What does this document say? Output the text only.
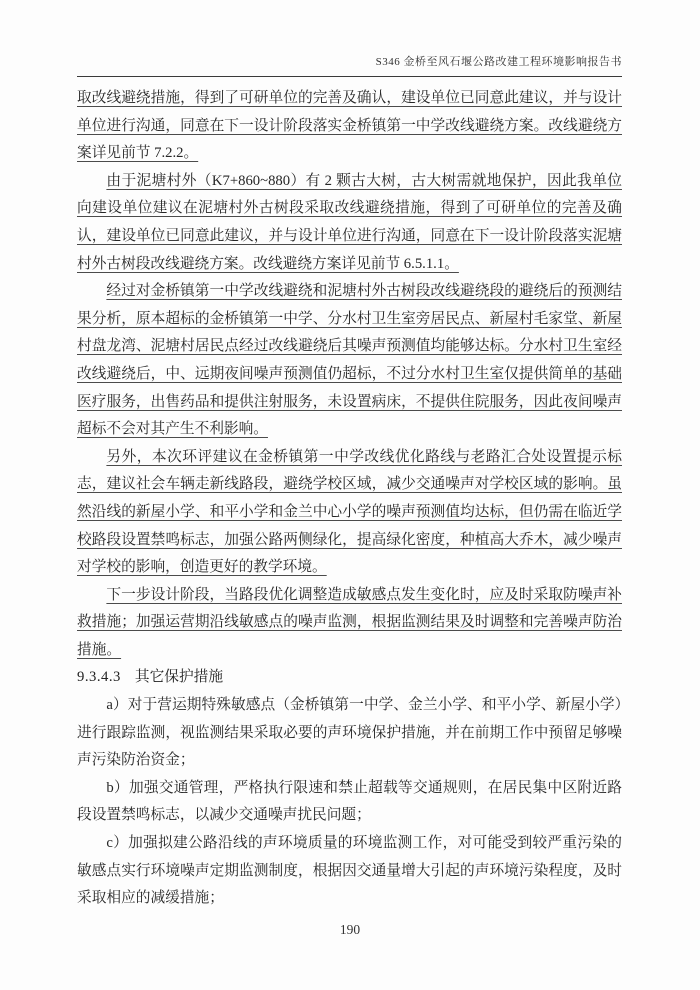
S346 金桥至风石堰公路改建工程环境影响报告书

取改线避绕措施，得到了可研单位的完善及确认，建设单位已同意此建议，并与设计单位进行沟通，同意在下一设计阶段落实金桥镇第一中学改线避绕方案。改线避绕方案详见前节 7.2.2。

由于泥塘村外（K7+860~880）有 2 颗古大树，古大树需就地保护，因此我单位向建设单位建议在泥塘村外古树段采取改线避绕措施，得到了可研单位的完善及确认，建设单位已同意此建议，并与设计单位进行沟通，同意在下一设计阶段落实泥塘村外古树段改线避绕方案。改线避绕方案详见前节 6.5.1.1。

经过对金桥镇第一中学改线避绕和泥塘村外古树段改线避绕段的避绕后的预测结果分析，原本超标的金桥镇第一中学、分水村卫生室旁居民点、新屋村毛家堂、新屋村盘龙湾、泥塘村居民点经过改线避绕后其噪声预测值均能够达标。分水村卫生室经改线避绕后，中、远期夜间噪声预测值仍超标，不过分水村卫生室仅提供简单的基础医疗服务，出售药品和提供注射服务，未设置病床，不提供住院服务，因此夜间噪声超标不会对其产生不利影响。

另外，本次环评建议在金桥镇第一中学改线优化路线与老路汇合处设置提示标志，建议社会车辆走新线路段，避绕学校区域，减少交通噪声对学校区域的影响。虽然沿线的新屋小学、和平小学和金兰中心小学的噪声预测值均达标，但仍需在临近学校路段设置禁鸣标志，加强公路两侧绿化，提高绿化密度，种植高大乔木，减少噪声对学校的影响，创造更好的教学环境。

下一步设计阶段，当路段优化调整造成敏感点发生变化时，应及时采取防噪声补救措施；加强运营期沿线敏感点的噪声监测，根据监测结果及时调整和完善噪声防治措施。

9.3.4.3 其它保护措施

a）对于营运期特殊敏感点（金桥镇第一中学、金兰小学、和平小学、新屋小学）进行跟踪监测，视监测结果采取必要的声环境保护措施，并在前期工作中预留足够噪声污染防治资金；

b）加强交通管理，严格执行限速和禁止超载等交通规则，在居民集中区附近路段设置禁鸣标志，以减少交通噪声扰民问题；

c）加强拟建公路沿线的声环境质量的环境监测工作，对可能受到较严重污染的敏感点实行环境噪声定期监测制度，根据因交通量增大引起的声环境污染程度，及时采取相应的减缓措施；

190
